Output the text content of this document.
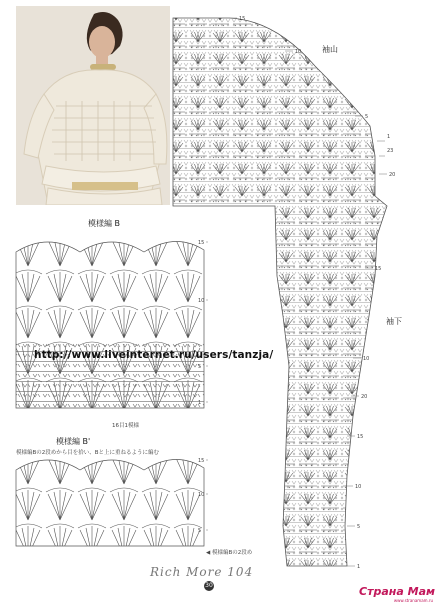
15
10
5
1
23
20
15
10
20
15
10
5
1
袖山
袖下
模様編 B
15
10
5
1
16目1模様
http://www.liveinternet.ru/users/tanzja/
模様編 B'
模様編Bの2段めから目を拾い、Bと上に重ねるように編む
15
10
5
◀ 模様編Bの2段め
Rich More 104
30	Страна Мам
www.stranamam.ru
